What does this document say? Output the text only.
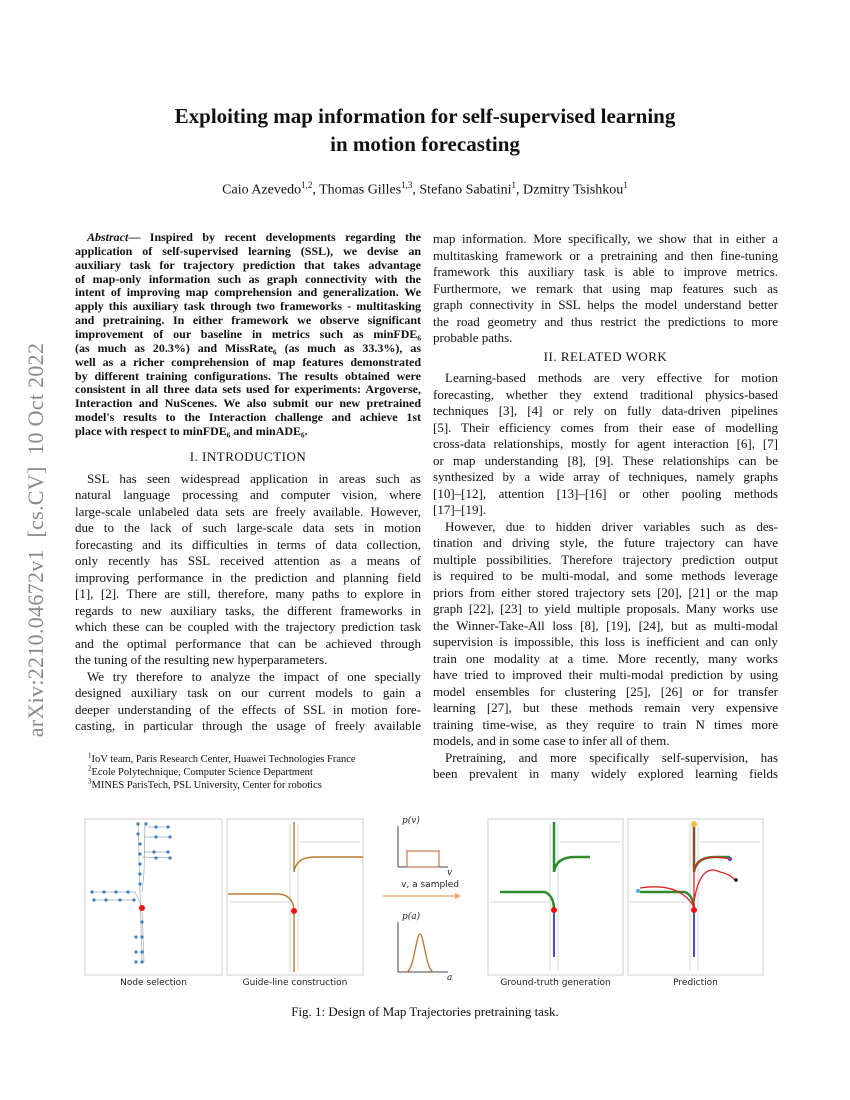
Exploiting map information for self-supervised learning
in motion forecasting
Caio Azevedo$^{1,2}$, Thomas Gilles$^{1,3}$, Stefano Sabatini$^1$, Dzmitry Tsishkou$^1$
arXiv:2210.04672v1  [cs.CV]  10 Oct 2022
Abstract— Inspired by recent developments regarding the
application of self-supervised learning (SSL), we devise an
auxiliary task for trajectory prediction that takes advantage
of map-only information such as graph connectivity with the
intent of improving map comprehension and generalization. We
apply this auxiliary task through two frameworks - multitasking
and pretraining. In either framework we observe significant
improvement of our baseline in metrics such as minFDE₆
(as much as 20.3%) and MissRate₆ (as much as 33.3%), as
well as a richer comprehension of map features demonstrated
by different training configurations. The results obtained were
consistent in all three data sets used for experiments: Argoverse,
Interaction and NuScenes. We also submit our new pretrained
model's results to the Interaction challenge and achieve 1st
place with respect to minFDE₆ and minADE₆.
I. INTRODUCTION
SSL has seen widespread application in areas such as
natural language processing and computer vision, where
large-scale unlabeled data sets are freely available. However,
due to the lack of such large-scale data sets in motion
forecasting and its difficulties in terms of data collection,
only recently has SSL received attention as a means of
improving performance in the prediction and planning field
[1], [2]. There are still, therefore, many paths to explore in
regards to new auxiliary tasks, the different frameworks in
which these can be coupled with the trajectory prediction task
and the optimal performance that can be achieved through
the tuning of the resulting new hyperparameters.
We try therefore to analyze the impact of one specially
designed auxiliary task on our current models to gain a
deeper understanding of the effects of SSL in motion fore-
casting, in particular through the usage of freely available
map information. More specifically, we show that in either a
multitasking framework or a pretraining and then fine-tuning
framework this auxiliary task is able to improve metrics.
Furthermore, we remark that using map features such as
graph connectivity in SSL helps the model understand better
the road geometry and thus restrict the predictions to more
probable paths.
II. RELATED WORK
Learning-based methods are very effective for motion
forecasting, whether they extend traditional physics-based
techniques [3], [4] or rely on fully data-driven pipelines
[5]. Their efficiency comes from their ease of modelling
cross-data relationships, mostly for agent interaction [6], [7]
or map understanding [8], [9]. These relationships can be
synthesized by a wide array of techniques, namely graphs
[10]–[12], attention [13]–[16] or other pooling methods
[17]–[19].
However, due to hidden driver variables such as des-
tination and driving style, the future trajectory can have
multiple possibilities. Therefore trajectory prediction output
is required to be multi-modal, and some methods leverage
priors from either stored trajectory sets [20], [21] or the map
graph [22], [23] to yield multiple proposals. Many works use
the Winner-Take-All loss [8], [19], [24], but as multi-modal
supervision is impossible, this loss is inefficient and can only
train one modality at a time. More recently, many works
have tried to improved their multi-modal prediction by using
model ensembles for clustering [25], [26] or for transfer
learning [27], but these methods remain very expensive
training time-wise, as they require to train N times more
models, and in some case to infer all of them.
Pretraining, and more specifically self-supervision, has
been prevalent in many widely explored learning fields
$^1$IoV team, Paris Research Center, Huawei Technologies France
$^2$Ecole Polytechnique, Computer Science Department
$^3$MINES ParisTech, PSL University, Center for robotics
Node selection	Guide-line construction	Ground-truth generation	Prediction
p(v)
v
v, a sampled
p(a)
a
Fig. 1: Design of Map Trajectories pretraining task.
